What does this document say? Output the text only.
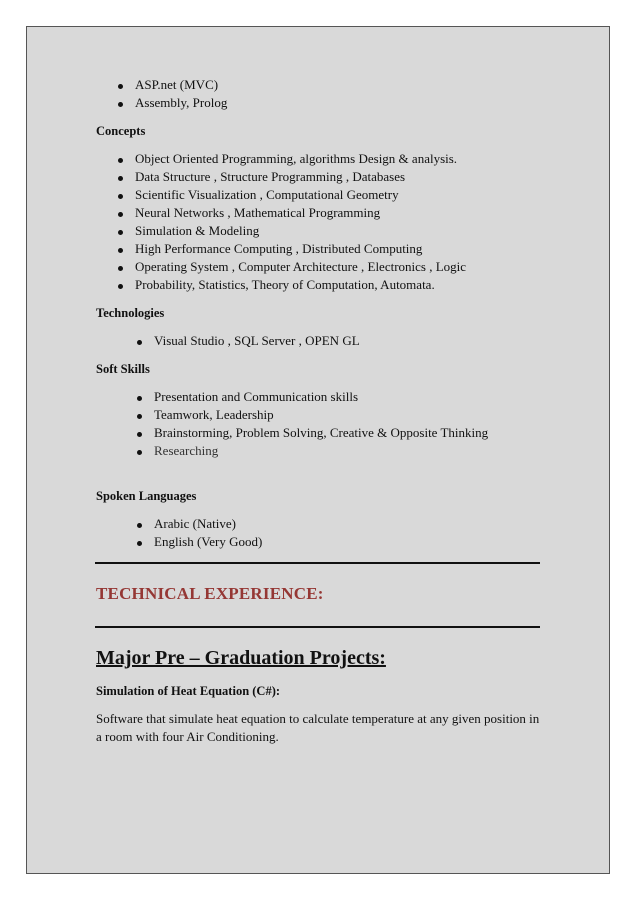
ASP.net (MVC)

Assembly, Prolog

Concepts

Object Oriented Programming, algorithms Design & analysis.

Data Structure , Structure Programming , Databases

Scientific Visualization , Computational Geometry

Neural Networks , Mathematical Programming

Simulation & Modeling

High Performance Computing , Distributed Computing

Operating System , Computer Architecture , Electronics , Logic

Probability, Statistics, Theory of Computation, Automata.

Technologies

Visual Studio , SQL Server , OPEN GL

Soft Skills

Presentation and Communication skills

Teamwork, Leadership

Brainstorming, Problem Solving, Creative & Opposite Thinking

Researching

Spoken Languages

Arabic (Native)

English (Very Good)

TECHNICAL EXPERIENCE:

Major Pre – Graduation Projects:

Simulation of Heat Equation (C#):

Software that simulate heat equation to calculate temperature at any given position in a room with four Air Conditioning.
